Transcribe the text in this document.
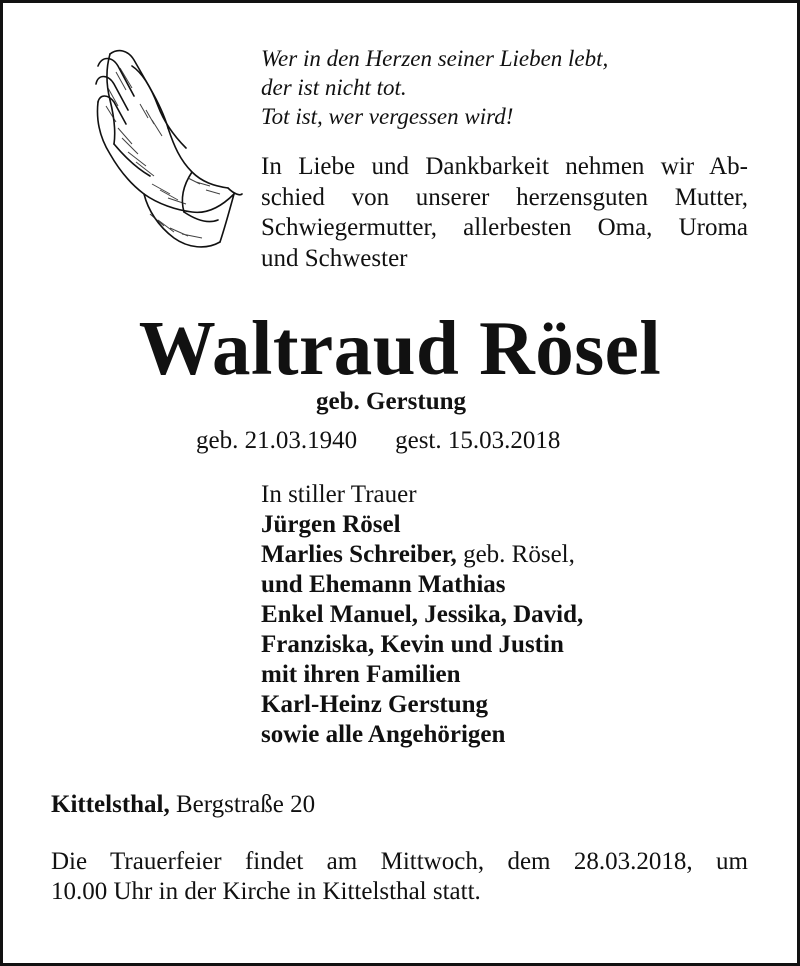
Wer in den Herzen seiner Lieben lebt,
der ist nicht tot.
Tot ist, wer vergessen wird!
In Liebe und Dankbarkeit nehmen wir Ab-
schied von unserer herzensguten Mutter,
Schwiegermutter, allerbesten Oma, Uroma
und Schwester
Waltraud Rösel
geb. Gerstung
geb. 21.03.1940 gest. 15.03.2018
In stiller Trauer
Jürgen Rösel
Marlies Schreiber, geb. Rösel,
und Ehemann Mathias
Enkel Manuel, Jessika, David,
Franziska, Kevin und Justin
mit ihren Familien
Karl-Heinz Gerstung
sowie alle Angehörigen
Kittelsthal, Bergstraße 20
Die Trauerfeier findet am Mittwoch, dem 28.03.2018, um
10.00 Uhr in der Kirche in Kittelsthal statt.
